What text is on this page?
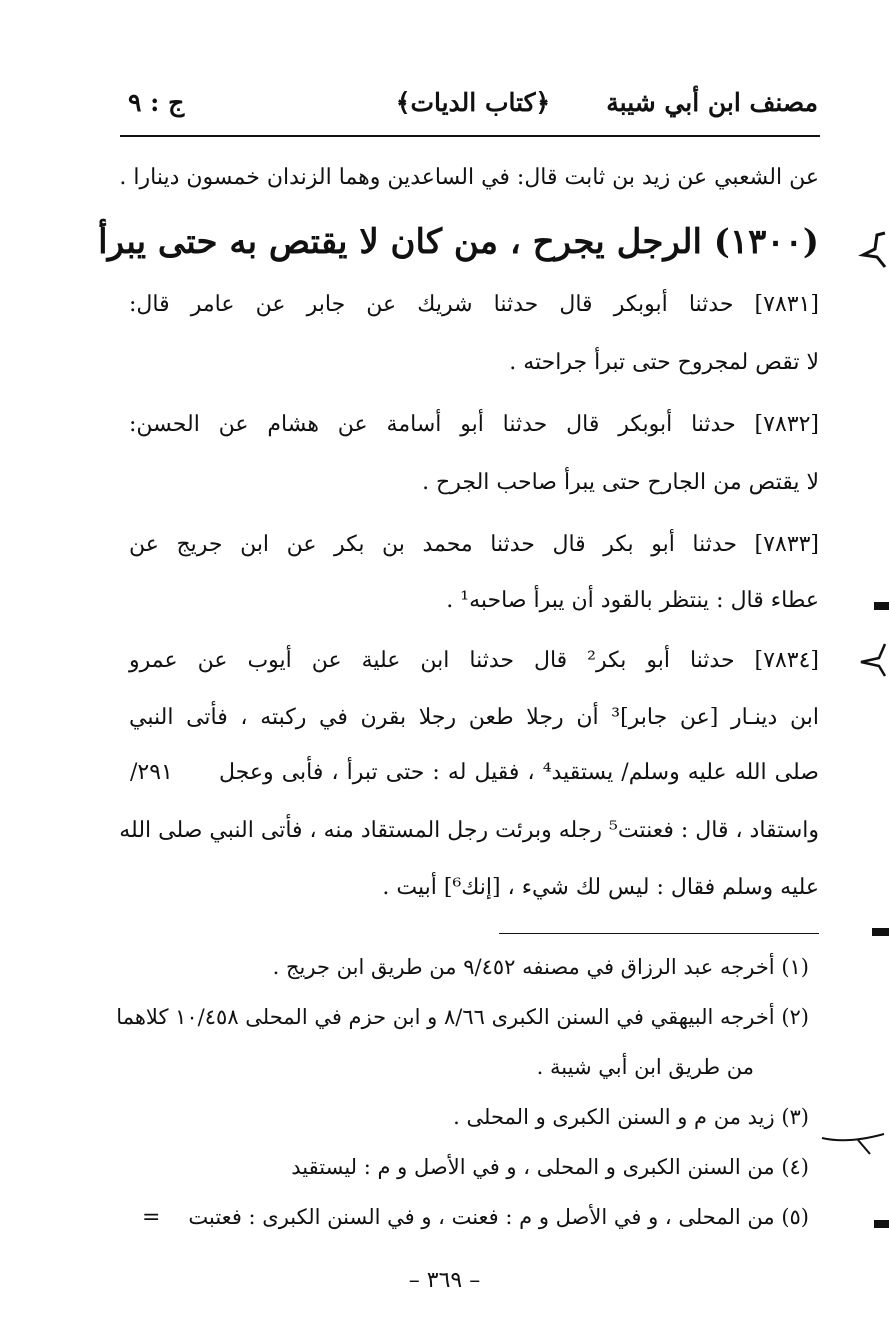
مصنف ابن أبي شيبة
﴿كتاب الديات﴾
ج : ٩
عن الشعبي عن زيد بن ثابت قال: في الساعدين وهما الزندان خمسون دينارا .
(١٣٠٠) الرجل يجرح ، من كان لا يقتص به حتى يبرأ
[٧٨٣١] حدثنا أبوبكر قال حدثنا شريك عن جابر عن عامر قال:
لا تقص لمجروح حتى تبرأ جراحته .
[٧٨٣٢] حدثنا أبوبكر قال حدثنا أبو أسامة عن هشام عن الحسن:
لا يقتص من الجارح حتى يبرأ صاحب الجرح .
[٧٨٣٣] حدثنا أبو بكر قال حدثنا محمد بن بكر عن ابن جريج عن
عطاء قال : ينتظر بالقود أن يبرأ صاحبه¹ .
[٧٨٣٤] حدثنا أبو بكر² قال حدثنا ابن علية عن أيوب عن عمرو
ابن دينـار [عن جابر]³ أن رجلا طعن رجلا بقرن في ركبته ، فأتى النبي
صلى الله عليه وسلم/ يستقيد⁴ ، فقيل له : حتى تبرأ ، فأبى وعجل
/٢٩١
واستقاد ، قال : فعنتت⁵ رجله وبرئت رجل المستقاد منه ، فأتى النبي صلى الله
عليه وسلم فقال : ليس لك شيء ، [إنك⁶] أبيت .
(١) أخرجه عبد الرزاق في مصنفه ٩/٤٥٢ من طريق ابن جريج .
(٢) أخرجه البيهقي في السنن الكبرى ٨/٦٦ و ابن حزم في المحلى ١٠/٤٥٨ كلاهما
من طريق ابن أبي شيبة .
(٣) زيد من م و السنن الكبرى و المحلى .
(٤) من السنن الكبرى و المحلى ، و في الأصل و م : ليستقيد
(٥) من المحلى ، و في الأصل و م : فعنت ، و في السنن الكبرى : فعتبت
=
– ٣٦٩ –
